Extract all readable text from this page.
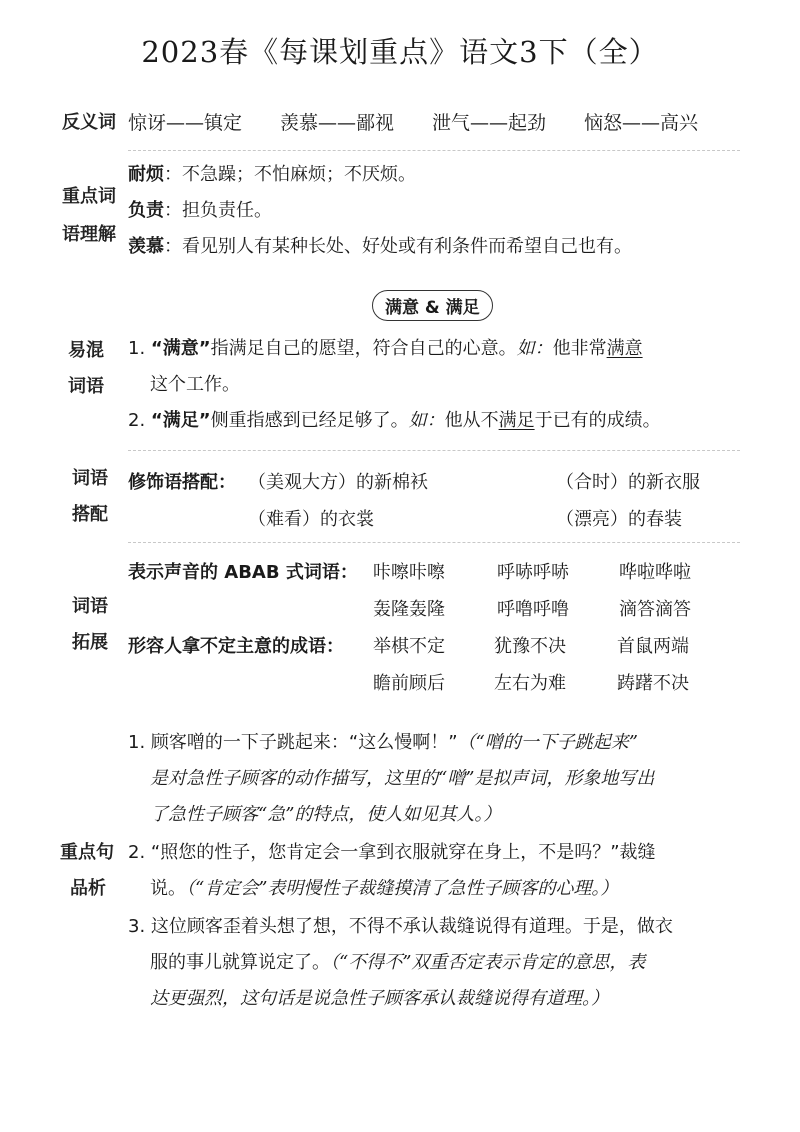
2023春《每课划重点》语文3下（全）
反义词 惊讶——镇定　　羡慕——鄙视　　泄气——起劲　　恼怒——高兴
重点词
语理解
耐烦：不急躁；不怕麻烦；不厌烦。
负责：担负责任。
羡慕：看见别人有某种长处、好处或有利条件而希望自己也有。
满意 & 满足
易混
词语
1. “满意”指满足自己的愿望，符合自己的心意。如：他非常满意
这个工作。
2. “满足”侧重指感到已经足够了。如：他从不满足于已有的成绩。
词语
搭配
修饰语搭配： （美观大方）的新棉袄	（合时）的新衣服
（难看）的衣裳	（漂亮）的春装
词语
拓展
表示声音的 ABAB 式词语： 咔嚓咔嚓	呼哧呼哧	哗啦哗啦
轰隆轰隆	呼噜呼噜	滴答滴答
形容人拿不定主意的成语： 举棋不定	犹豫不决	首鼠两端
瞻前顾后	左右为难	踌躇不决
重点句
品析
1. 顾客噌的一下子跳起来：“这么慢啊！”（“噌的一下子跳起来”
是对急性子顾客的动作描写，这里的“噌”是拟声词，形象地写出
了急性子顾客“急”的特点，使人如见其人。）
2. “照您的性子，您肯定会一拿到衣服就穿在身上，不是吗？”裁缝
说。（“肯定会”表明慢性子裁缝摸清了急性子顾客的心理。）
3. 这位顾客歪着头想了想，不得不承认裁缝说得有道理。于是，做衣
服的事儿就算说定了。（“不得不”双重否定表示肯定的意思，表
达更强烈，这句话是说急性子顾客承认裁缝说得有道理。）
